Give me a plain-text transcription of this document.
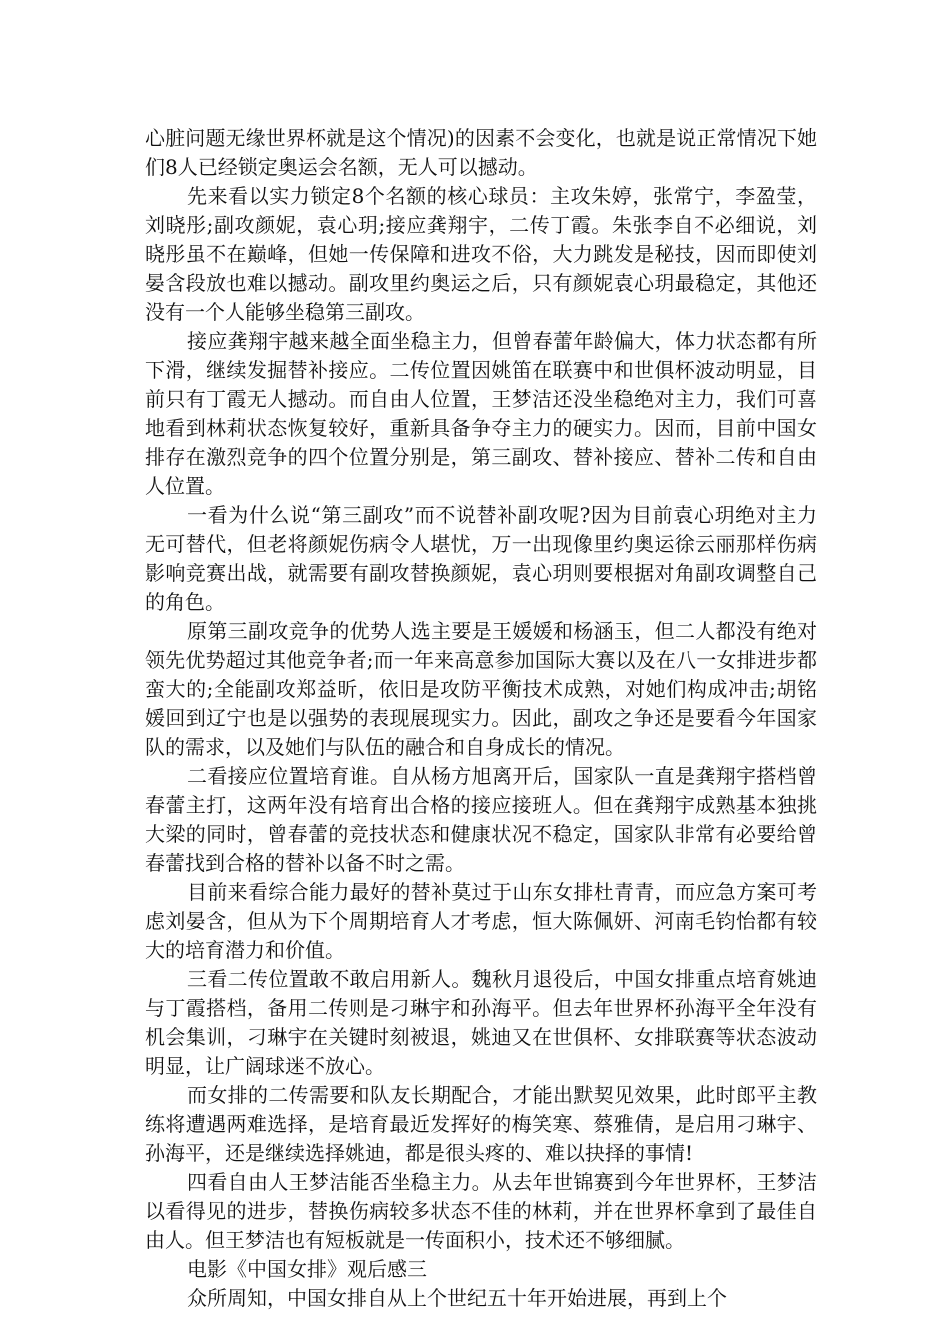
心脏问题无缘世界杯就是这个情况)的因素不会变化，也就是说正常情况下她们8人已经锁定奥运会名额，无人可以撼动。

先来看以实力锁定8个名额的核心球员：主攻朱婷，张常宁，李盈莹，刘晓彤;副攻颜妮，袁心玥;接应龚翔宇，二传丁霞。朱张李自不必细说，刘晓彤虽不在巅峰，但她一传保障和进攻不俗，大力跳发是秘技，因而即使刘晏含段放也难以撼动。副攻里约奥运之后，只有颜妮袁心玥最稳定，其他还没有一个人能够坐稳第三副攻。

接应龚翔宇越来越全面坐稳主力，但曾春蕾年龄偏大，体力状态都有所下滑，继续发掘替补接应。二传位置因姚笛在联赛中和世俱杯波动明显，目前只有丁霞无人撼动。而自由人位置，王梦洁还没坐稳绝对主力，我们可喜地看到林莉状态恢复较好，重新具备争夺主力的硬实力。因而，目前中国女排存在激烈竞争的四个位置分别是，第三副攻、替补接应、替补二传和自由人位置。

一看为什么说“第三副攻”而不说替补副攻呢?因为目前袁心玥绝对主力无可替代，但老将颜妮伤病令人堪忧，万一出现像里约奥运徐云丽那样伤病影响竞赛出战，就需要有副攻替换颜妮，袁心玥则要根据对角副攻调整自己的角色。

原第三副攻竞争的优势人选主要是王媛媛和杨涵玉，但二人都没有绝对领先优势超过其他竞争者;而一年来高意参加国际大赛以及在八一女排进步都蛮大的;全能副攻郑益昕，依旧是攻防平衡技术成熟，对她们构成冲击;胡铭媛回到辽宁也是以强势的表现展现实力。因此，副攻之争还是要看今年国家队的需求，以及她们与队伍的融合和自身成长的情况。

二看接应位置培育谁。自从杨方旭离开后，国家队一直是龚翔宇搭档曾春蕾主打，这两年没有培育出合格的接应接班人。但在龚翔宇成熟基本独挑大梁的同时，曾春蕾的竞技状态和健康状况不稳定，国家队非常有必要给曾春蕾找到合格的替补以备不时之需。

目前来看综合能力最好的替补莫过于山东女排杜青青，而应急方案可考虑刘晏含，但从为下个周期培育人才考虑，恒大陈佩妍、河南毛钧怡都有较大的培育潜力和价值。

三看二传位置敢不敢启用新人。魏秋月退役后，中国女排重点培育姚迪与丁霞搭档，备用二传则是刁琳宇和孙海平。但去年世界杯孙海平全年没有机会集训，刁琳宇在关键时刻被退，姚迪又在世俱杯、女排联赛等状态波动明显，让广阔球迷不放心。

而女排的二传需要和队友长期配合，才能出默契见效果，此时郎平主教练将遭遇两难选择，是培育最近发挥好的梅笑寒、蔡雅倩，是启用刁琳宇、孙海平，还是继续选择姚迪，都是很头疼的、难以抉择的事情!

四看自由人王梦洁能否坐稳主力。从去年世锦赛到今年世界杯，王梦洁以看得见的进步，替换伤病较多状态不佳的林莉，并在世界杯拿到了最佳自由人。但王梦洁也有短板就是一传面积小，技术还不够细腻。

电影《中国女排》观后感三

众所周知，中国女排自从上个世纪五十年开始进展，再到上个
